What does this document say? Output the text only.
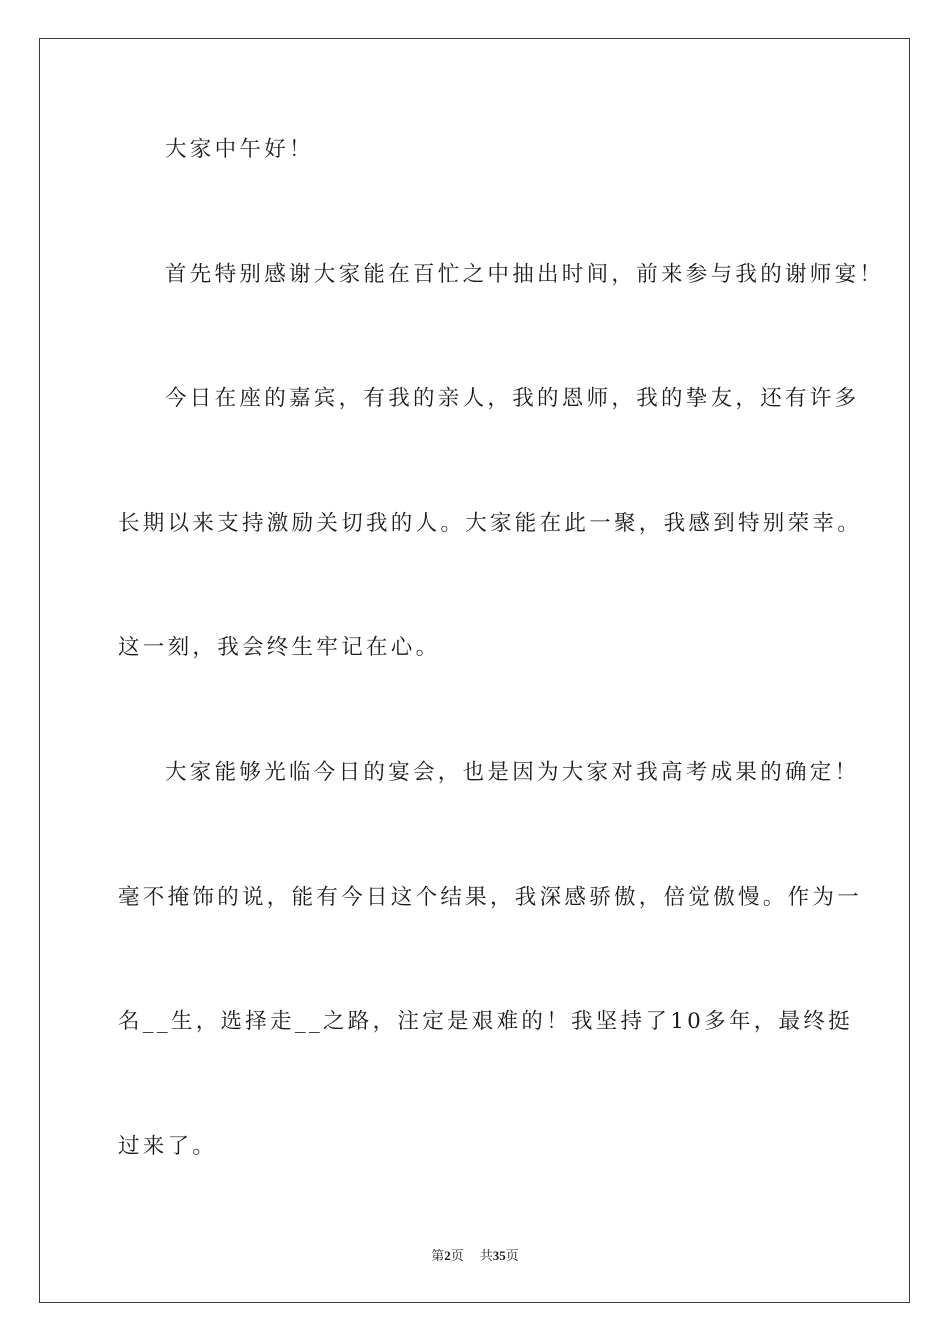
大家中午好！
首先特别感谢大家能在百忙之中抽出时间，前来参与我的谢师宴！
今日在座的嘉宾，有我的亲人，我的恩师，我的挚友，还有许多
长期以来支持激励关切我的人。大家能在此一聚，我感到特别荣幸。
这一刻，我会终生牢记在心。
大家能够光临今日的宴会，也是因为大家对我高考成果的确定！
毫不掩饰的说，能有今日这个结果，我深感骄傲，倍觉傲慢。作为一
名__生，选择走__之路，注定是艰难的！我坚持了10多年，最终挺
过来了。
第2页 共35页
